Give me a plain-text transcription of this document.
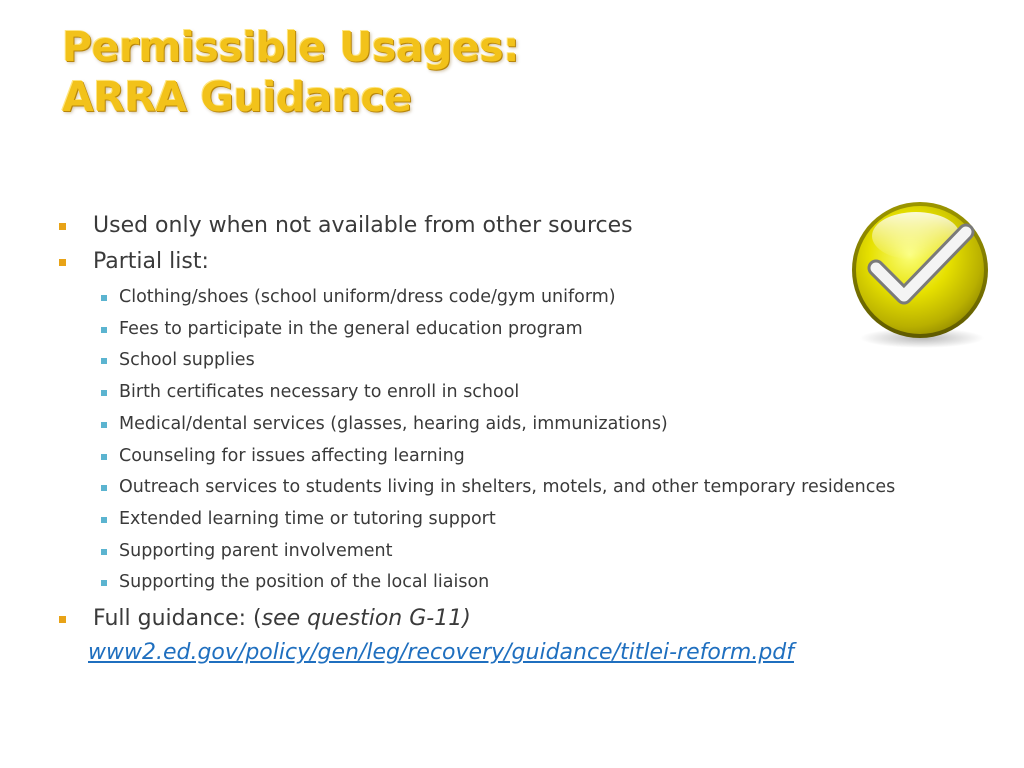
Permissible Usages:
ARRA Guidance
Used only when not available from other sources
Partial list:
Clothing/shoes (school uniform/dress code/gym uniform)
Fees to participate in the general education program
School supplies
Birth certificates necessary to enroll in school
Medical/dental services (glasses, hearing aids, immunizations)
Counseling for issues affecting learning
Outreach services to students living in shelters, motels, and other temporary residences
Extended learning time or tutoring support
Supporting parent involvement
Supporting the position of the local liaison
Full guidance: (see question G-11)
www2.ed.gov/policy/gen/leg/recovery/guidance/titlei-reform.pdf
